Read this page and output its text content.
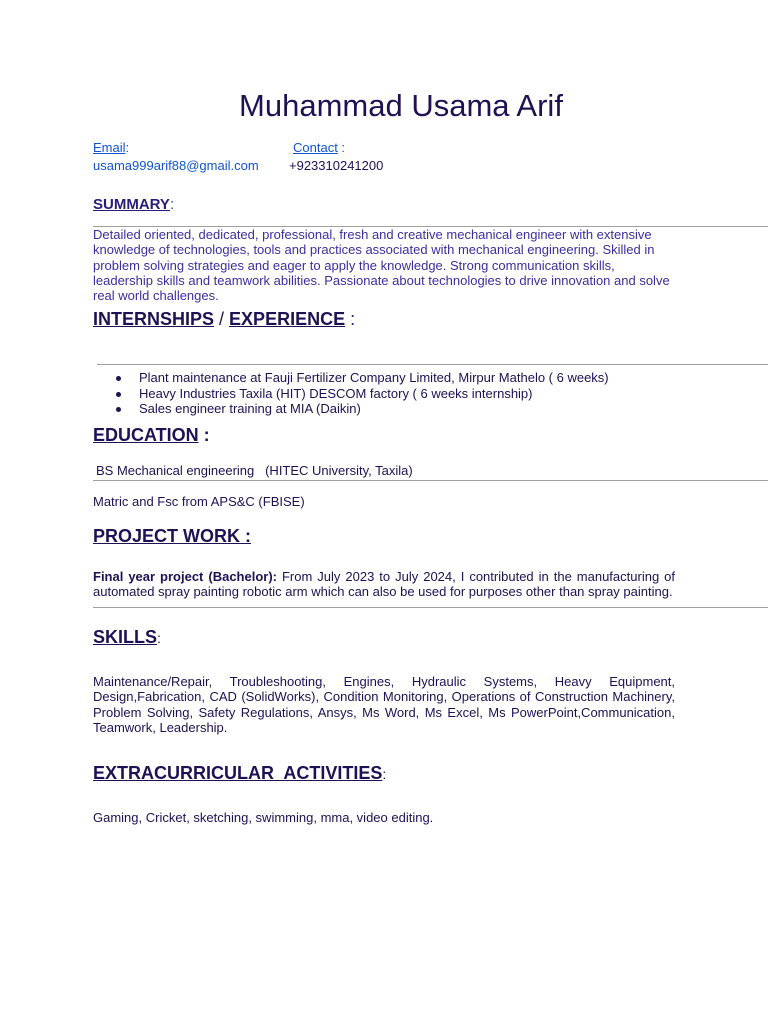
Muhammad Usama Arif
Email:	Contact :
usama999arif88@gmail.com +923310241200
SUMMARY:
Detailed oriented, dedicated, professional, fresh and creative mechanical engineer with extensive knowledge of technologies, tools and practices associated with mechanical engineering. Skilled in problem solving strategies and eager to apply the knowledge. Strong communication skills, leadership skills and teamwork abilities. Passionate about technologies to drive innovation and solve real world challenges.
INTERNSHIPS / EXPERIENCE :
Plant maintenance at Fauji Fertilizer Company Limited, Mirpur Mathelo ( 6 weeks)
Heavy Industries Taxila (HIT) DESCOM factory ( 6 weeks internship)
Sales engineer training at MIA (Daikin)
EDUCATION :
BS Mechanical engineering   (HITEC University, Taxila)
Matric and Fsc from APS&C (FBISE)
PROJECT WORK :
Final year project (Bachelor): From July 2023 to July 2024, I contributed in the manufacturing of automated spray painting robotic arm which can also be used for purposes other than spray painting.
SKILLS:
Maintenance/Repair, Troubleshooting, Engines, Hydraulic Systems, Heavy Equipment, Design,Fabrication, CAD (SolidWorks), Condition Monitoring, Operations of Construction Machinery, Problem Solving, Safety Regulations, Ansys, Ms Word, Ms Excel, Ms PowerPoint,Communication, Teamwork, Leadership.
EXTRACURRICULAR  ACTIVITIES:
Gaming, Cricket, sketching, swimming, mma, video editing.
